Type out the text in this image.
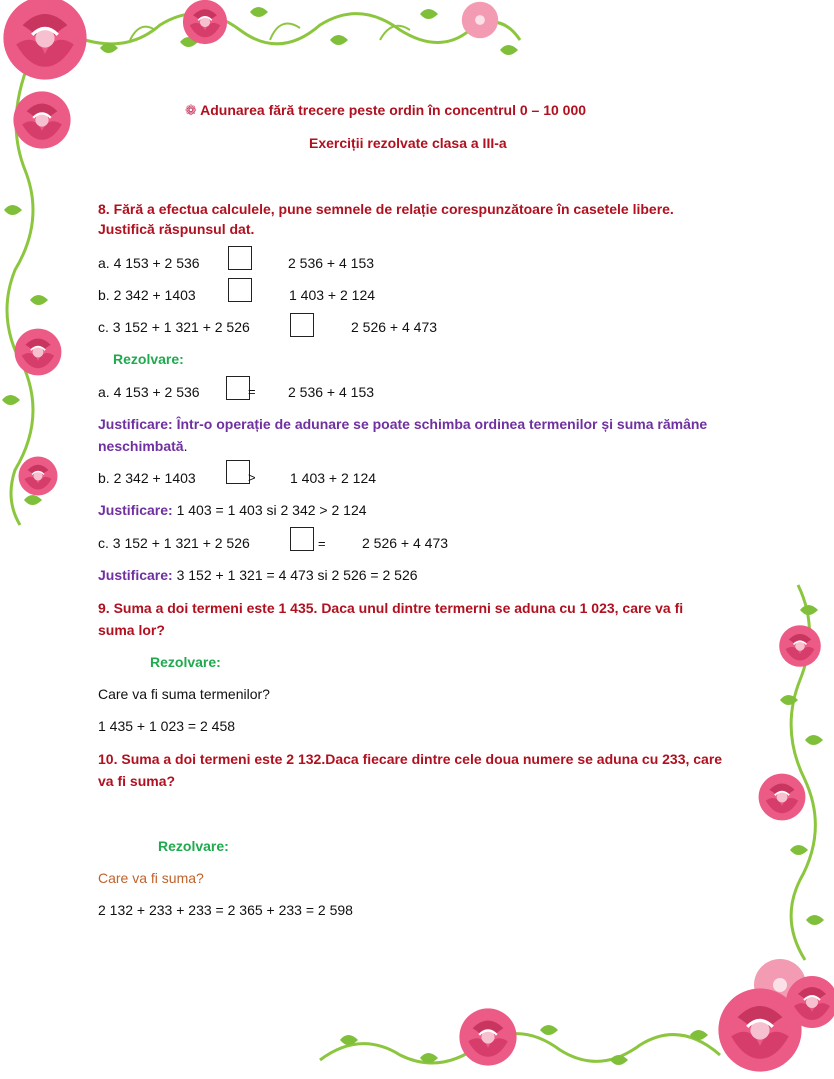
❁ Adunarea fără trecere peste ordin în concentrul 0 – 10 000
Exerciții rezolvate clasa a III-a
8. Fără a efectua calculele, pune semnele de relație corespunzătoare în casetele libere.
Justifică răspunsul dat.
a. 4 153 + 2 536	2 536 + 4 153
b. 2 342 + 1403	1 403 + 2 124
c. 3 152 + 1 321 + 2 526	2 526 + 4 473
Rezolvare:
a. 4 153 + 2 536	= 2 536 + 4 153
Justificare: Într-o operație de adunare se poate schimba ordinea termenilor și suma rămâne
neschimbată.
b. 2 342 + 1403	> 1 403 + 2 124
Justificare: 1 403 = 1 403 si 2 342 > 2 124
c. 3 152 + 1 321 + 2 526	=	2 526 + 4 473
Justificare: 3 152 + 1 321 = 4 473 si 2 526 = 2 526
9. Suma a doi termeni este 1 435. Daca unul dintre termerni se aduna cu 1 023, care va fi
suma lor?
Rezolvare:
Care va fi suma termenilor?
1 435 + 1 023 = 2 458
10. Suma a doi termeni este 2 132.Daca fiecare dintre cele doua numere se aduna cu 233, care
va fi suma?
Rezolvare:
Care va fi suma?
2 132 + 233 + 233 = 2 365 + 233 = 2 598
